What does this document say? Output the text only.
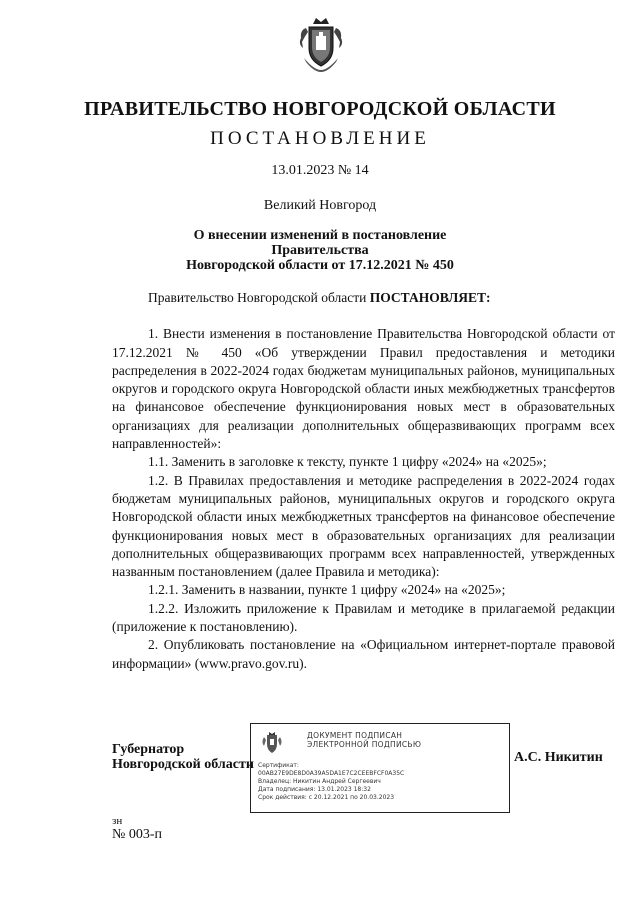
ПРАВИТЕЛЬСТВО НОВГОРОДСКОЙ ОБЛАСТИ
ПОСТАНОВЛЕНИЕ
13.01.2023 № 14
Великий Новгород
О внесении изменений в постановление Правительства
Новгородской области от 17.12.2021 № 450

Правительство Новгородской области ПОСТАНОВЛЯЕТ:

1. Внести изменения в постановление Правительства Новгородской области от 17.12.2021 № 450 «Об утверждении Правил предоставления и методики распределения в 2022-2024 годах бюджетам муниципальных районов, муниципальных округов и городского округа Новгородской области иных межбюджетных трансфертов на финансовое обеспечение функционирования новых мест в образовательных организациях для реализации дополнительных общеразвивающих программ всех направленностей»:

1.1. Заменить в заголовке к тексту, пункте 1 цифру «2024» на «2025»;

1.2. В Правилах предоставления и методике распределения в 2022-2024 годах бюджетам муниципальных районов, муниципальных округов и городского округа Новгородской области иных межбюджетных трансфертов на финансовое обеспечение функционирования новых мест в образовательных организациях для реализации дополнительных общеразвивающих программ всех направленностей, утвержденных названным постановлением (далее Правила и методика):

1.2.1. Заменить в названии, пункте 1 цифру «2024» на «2025»;

1.2.2. Изложить приложение к Правилам и методике в прилагаемой редакции (приложение к постановлению).

2. Опубликовать постановление на «Официальном интернет-портале правовой информации» (www.pravo.gov.ru).

Губернатор
Новгородской области
ДОКУМЕНТ ПОДПИСАН
ЭЛЕКТРОННОЙ ПОДПИСЬЮ
Сертификат:
00AB27E9DE8D0A39A5DA1E7C2CEEBFCF0A35C
Владелец: Никитин Андрей Сергеевич
Дата подписания: 13.01.2023 18:32
Срок действия: с 20.12.2021 по 20.03.2023
А.С. Никитин
зн
№ 003-п
